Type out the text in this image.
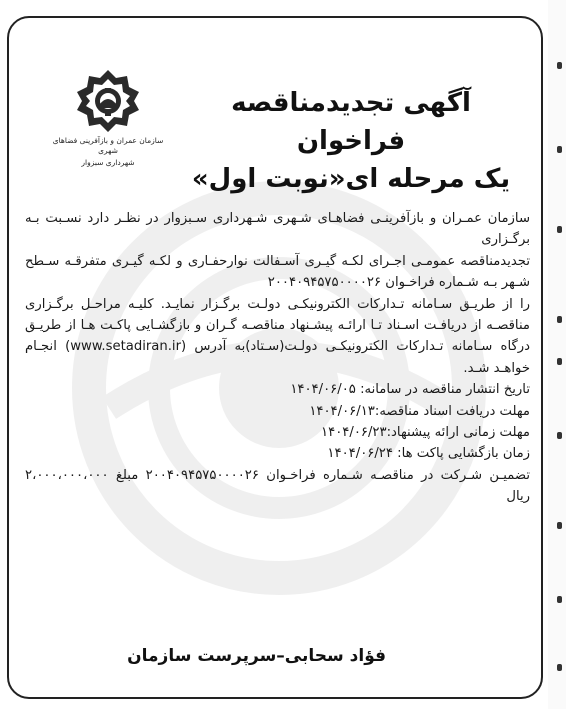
سازمان عمران و بازآفرینی فضاهای شهری
شهرداری سبزوار
آگهی تجدیدمناقصه فراخوان
یک مرحله ای«نوبت اول»

سازمان عمـران و بازآفرینـی فضاهـای شـهری شـهرداری سـبزوار در نظـر دارد نسـبت بـه برگـزاری

تجدیدمناقصه عمومـی اجـرای لکـه گیـری آسـفالت نوارحفـاری و لکـه گیـری متفرقـه سـطح شـهر بـه شـماره فراخـوان ۲۰۰۴۰۹۴۵۷۵۰۰۰۰۲۶

را از طریـق سـامانه تـدارکات الکترونیکـی دولـت برگـزار نمایـد. کلیـه مراحـل برگـزاری مناقصـه از دریافـت اسـناد تـا ارائـه پیشـنهاد مناقصـه گـران و بازگشـایی پاکـت هـا از طریـق درگاه سـامانه تـدارکات الکترونیکـی دولـت(سـتاد)به آدرس (www.setadiran.ir) انجـام خواهـد شـد.

تاریخ انتشار مناقصه در سامانه: ۱۴۰۴/۰۶/۰۵
مهلت دریافت اسناد مناقصه:۱۴۰۴/۰۶/۱۳
مهلت زمانی ارائه پیشنهاد:۱۴۰۴/۰۶/۲۳
زمان بازگشایی پاکت ها: ۱۴۰۴/۰۶/۲۴

تضمیـن شـرکت در مناقصـه شـماره فراخـوان ۲۰۰۴۰۹۴۵۷۵۰۰۰۰۲۶ مبلغ ۲،۰۰۰،۰۰۰،۰۰۰ ریال

فؤاد سحابی–سرپرست سازمان
